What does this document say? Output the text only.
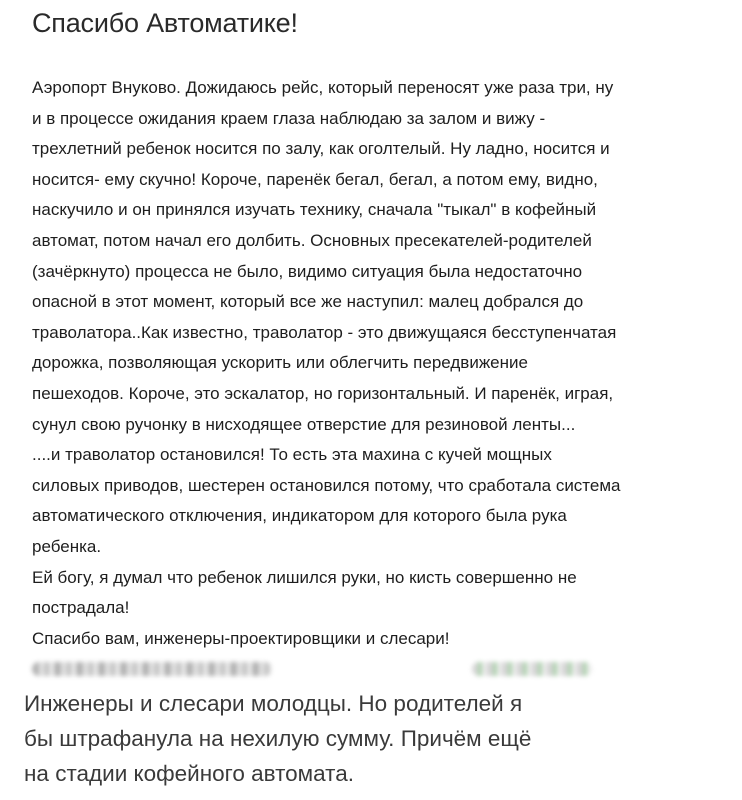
Спасибо Автоматике!
Аэропорт Внуково. Дожидаюсь рейс, который переносят уже раза три, ну
и в процессе ожидания краем глаза наблюдаю за залом и вижу -
трехлетний ребенок носится по залу, как оголтелый. Ну ладно, носится и
носится- ему скучно! Короче, паренёк бегал, бегал, а потом ему, видно,
наскучило и он принялся изучать технику, сначала "тыкал" в кофейный
автомат, потом начал его долбить. Основных пресекателей-родителей
(зачёркнуто) процесса не было, видимо ситуация была недостаточно
опасной в этот момент, который все же наступил: малец добрался до
траволатора..Как известно, траволатор - это движущаяся бесступенчатая
дорожка, позволяющая ускорить или облегчить передвижение
пешеходов. Короче, это эскалатор, но горизонтальный. И паренёк, играя,
сунул свою ручонку в нисходящее отверстие для резиновой ленты...
....и траволатор остановился! То есть эта махина с кучей мощных
силовых приводов, шестерен остановился потому, что сработала система
автоматического отключения, индикатором для которого была рука
ребенка.
Ей богу, я думал что ребенок лишился руки, но кисть совершенно не
пострадала!
Спасибо вам, инженеры-проектировщики и слесари!
Инженеры и слесари молодцы. Но родителей я
бы штрафанула на нехилую сумму. Причём ещё
на стадии кофейного автомата.
